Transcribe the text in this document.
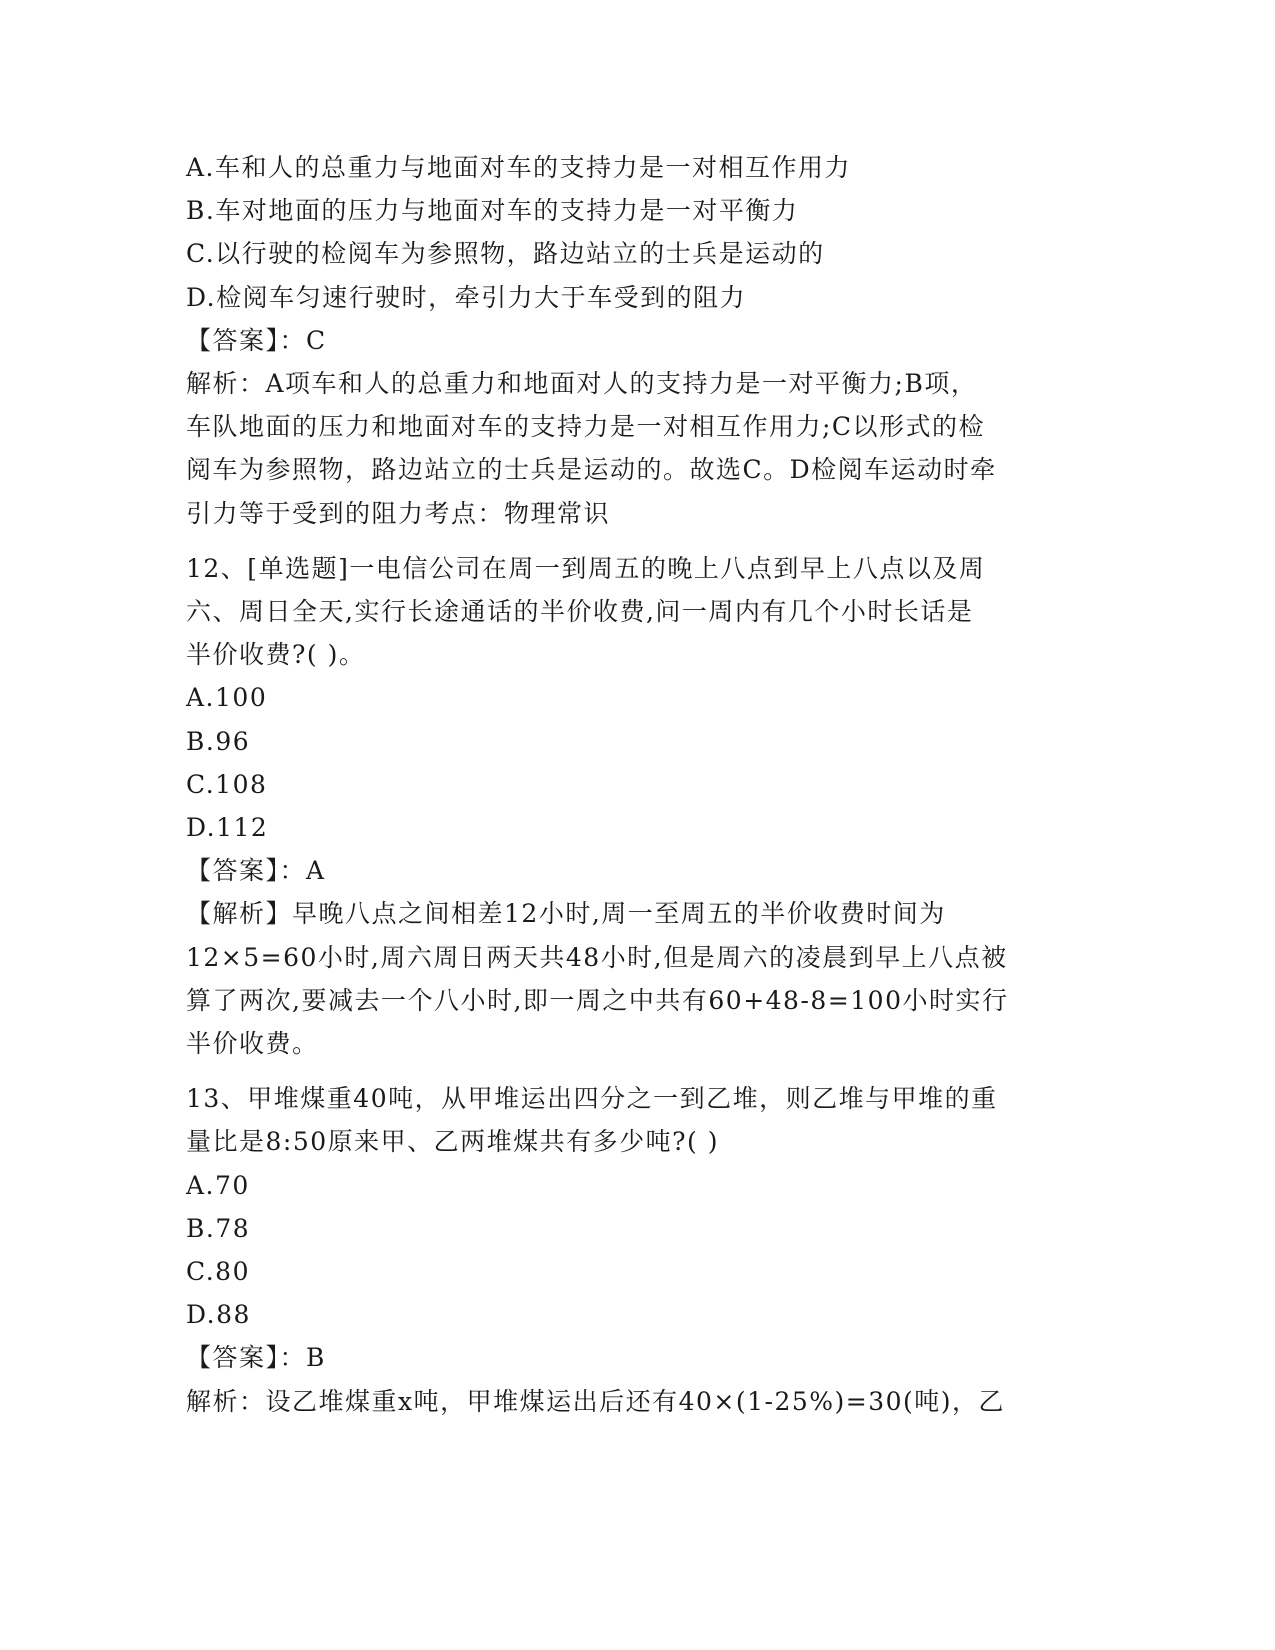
A.车和人的总重力与地面对车的支持力是一对相互作用力
B.车对地面的压力与地面对车的支持力是一对平衡力
C.以行驶的检阅车为参照物，路边站立的士兵是运动的
D.检阅车匀速行驶时，牵引力大于车受到的阻力
【答案】：C
解析：A项车和人的总重力和地面对人的支持力是一对平衡力;B项，
车队地面的压力和地面对车的支持力是一对相互作用力;C以形式的检
阅车为参照物，路边站立的士兵是运动的。故选C。D检阅车运动时牵
引力等于受到的阻力考点：物理常识
12、[单选题]一电信公司在周一到周五的晚上八点到早上八点以及周
六、周日全天,实行长途通话的半价收费,问一周内有几个小时长话是
半价收费?( )。
A.100
B.96
C.108
D.112
【答案】：A
【解析】早晚八点之间相差12小时,周一至周五的半价收费时间为
12×5=60小时,周六周日两天共48小时,但是周六的凌晨到早上八点被
算了两次,要减去一个八小时,即一周之中共有60+48-8=100小时实行
半价收费。
13、甲堆煤重40吨，从甲堆运出四分之一到乙堆，则乙堆与甲堆的重
量比是8:50原来甲、乙两堆煤共有多少吨?( )
A.70
B.78
C.80
D.88
【答案】：B
解析：设乙堆煤重x吨，甲堆煤运出后还有40×(1-25%)=30(吨)，乙
